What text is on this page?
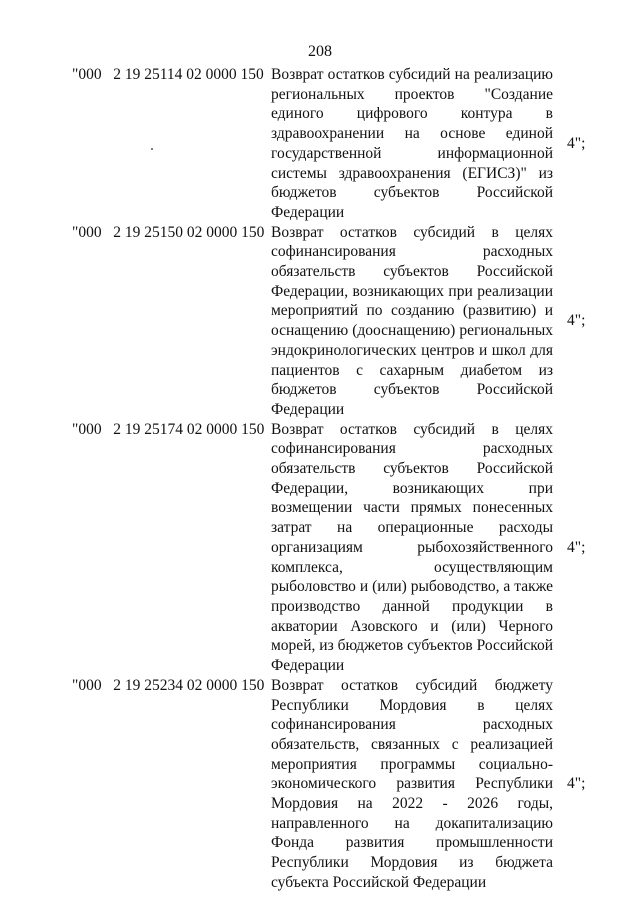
208
"000   2 19 25114 02 0000 150 Возврат остатков субсидий на реализацию региональных проектов "Создание единого цифрового контура в здравоохранении на основе единой государственной информационной системы здравоохранения (ЕГИСЗ)" из бюджетов субъектов Российской Федерации
4";
"000   2 19 25150 02 0000 150 Возврат остатков субсидий в целях софинансирования расходных обязательств субъектов Российской Федерации, возникающих при реализации мероприятий по созданию (развитию) и оснащению (дооснащению) региональных эндокринологических центров и школ для пациентов с сахарным диабетом из бюджетов субъектов Российской Федерации
4";
"000   2 19 25174 02 0000 150 Возврат остатков субсидий в целях софинансирования расходных обязательств субъектов Российской Федерации, возникающих при возмещении части прямых понесенных затрат на операционные расходы организациям рыбохозяйственного комплекса, осуществляющим рыболовство и (или) рыбоводство, а также производство данной продукции в акватории Азовского и (или) Черного морей, из бюджетов субъектов Российской Федерации
4";
"000   2 19 25234 02 0000 150 Возврат остатков субсидий бюджету Республики Мордовия в целях софинансирования расходных обязательств, связанных с реализацией мероприятия программы социально-экономического развития Республики Мордовия на 2022 - 2026 годы, направленного на докапитализацию Фонда развития промышленности Республики Мордовия из бюджета субъекта Российской Федерации
4";
